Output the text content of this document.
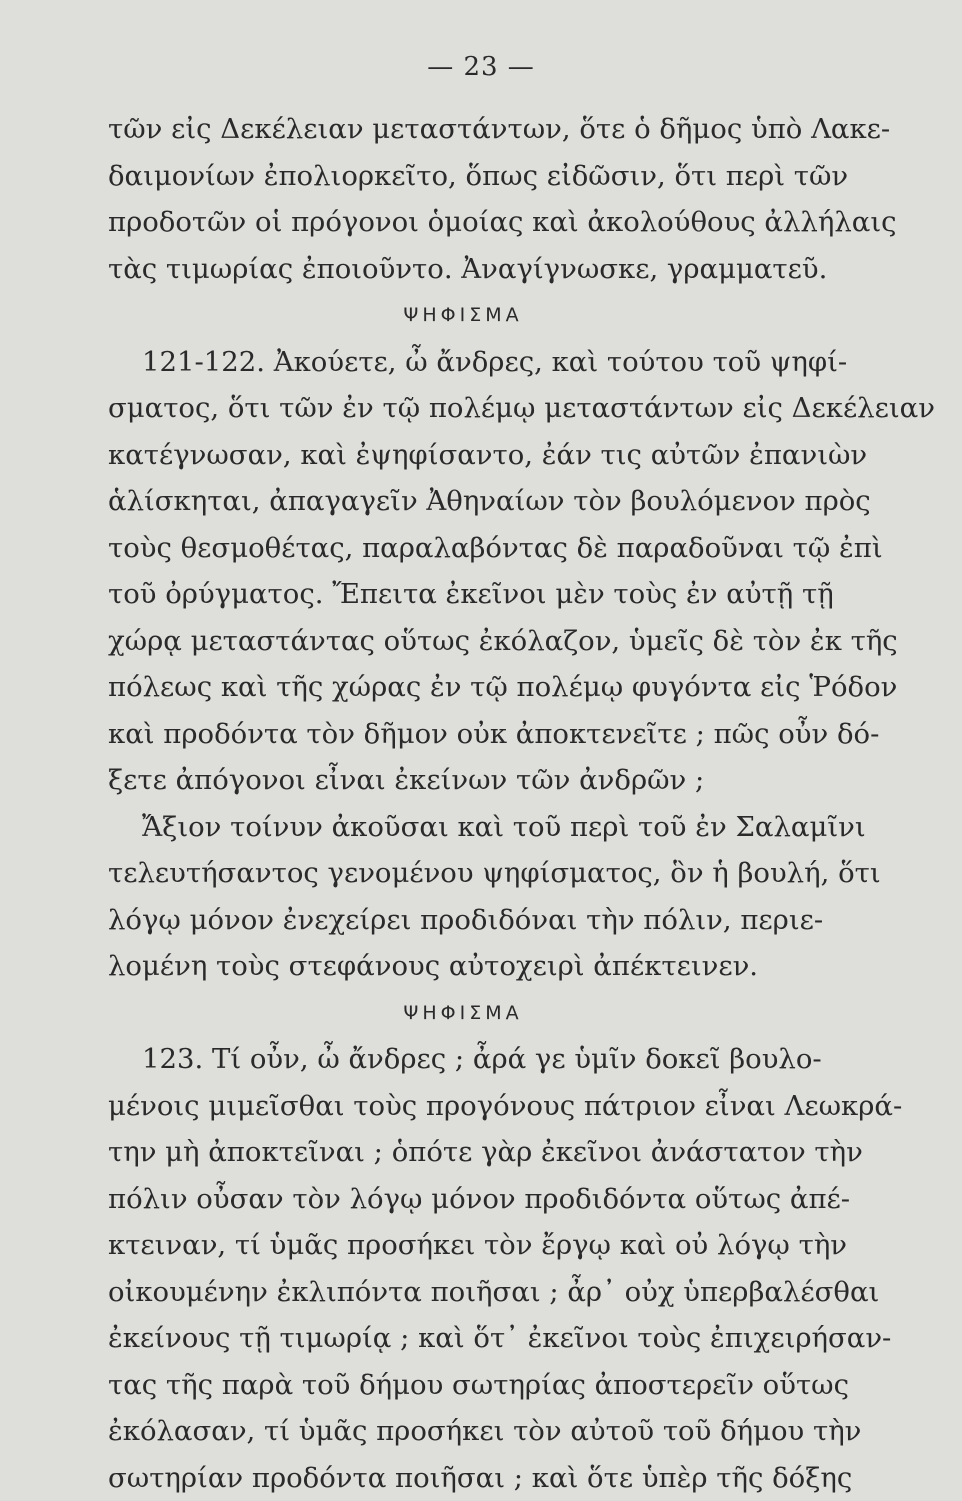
— 23 —
τῶν εἰς Δεκέλειαν μεταστάντων, ὅτε ὁ δῆμος ὑπὸ Λακε-
δαιμονίων ἐπολιορκεῖτο, ὅπως εἰδῶσιν, ὅτι περὶ τῶν
προδοτῶν οἱ πρόγονοι ὁμοίας καὶ ἀκολούθους ἀλλήλαις
τὰς τιμωρίας ἐποιοῦντο. Ἀναγίγνωσκε, γραμματεῦ.
ΨΗΦΙΣΜΑ
121-122. Ἀκούετε, ὦ ἄνδρες, καὶ τούτου τοῦ ψηφί-
σματος, ὅτι τῶν ἐν τῷ πολέμῳ μεταστάντων εἰς Δεκέλειαν
κατέγνωσαν, καὶ ἐψηφίσαντο, ἐάν τις αὐτῶν ἐπανιὼν
ἁλίσκηται, ἀπαγαγεῖν Ἀθηναίων τὸν βουλόμενον πρὸς
τοὺς θεσμοθέτας, παραλαβόντας δὲ παραδοῦναι τῷ ἐπὶ
τοῦ ὀρύγματος. Ἔπειτα ἐκεῖνοι μὲν τοὺς ἐν αὐτῇ τῇ
χώρᾳ μεταστάντας οὕτως ἐκόλαζον, ὑμεῖς δὲ τὸν ἐκ τῆς
πόλεως καὶ τῆς χώρας ἐν τῷ πολέμῳ φυγόντα εἰς Ῥόδον
καὶ προδόντα τὸν δῆμον οὐκ ἀποκτενεῖτε ; πῶς οὖν δό-
ξετε ἀπόγονοι εἶναι ἐκείνων τῶν ἀνδρῶν ;
Ἄξιον τοίνυν ἀκοῦσαι καὶ τοῦ περὶ τοῦ ἐν Σαλαμῖνι
τελευτήσαντος γενομένου ψηφίσματος, ὃν ἡ βουλή, ὅτι
λόγῳ μόνον ἐνεχείρει προδιδόναι τὴν πόλιν, περιε-
λομένη τοὺς στεφάνους αὐτοχειρὶ ἀπέκτεινεν.
ΨΗΦΙΣΜΑ
123. Τί οὖν, ὦ ἄνδρες ; ἆρά γε ὑμῖν δοκεῖ βουλο-
μένοις μιμεῖσθαι τοὺς προγόνους πάτριον εἶναι Λεωκρά-
την μὴ ἀποκτεῖναι ; ὁπότε γὰρ ἐκεῖνοι ἀνάστατον τὴν
πόλιν οὖσαν τὸν λόγῳ μόνον προδιδόντα οὕτως ἀπέ-
κτειναν, τί ὑμᾶς προσήκει τὸν ἔργῳ καὶ οὐ λόγῳ τὴν
οἰκουμένην ἐκλιπόντα ποιῆσαι ; ἆρ᾽ οὐχ ὑπερβαλέσθαι
ἐκείνους τῇ τιμωρίᾳ ; καὶ ὅτ᾽ ἐκεῖνοι τοὺς ἐπιχειρήσαν-
τας τῆς παρὰ τοῦ δήμου σωτηρίας ἀποστερεῖν οὕτως
ἐκόλασαν, τί ὑμᾶς προσήκει τὸν αὐτοῦ τοῦ δήμου τὴν
σωτηρίαν προδόντα ποιῆσαι ; καὶ ὅτε ὑπὲρ τῆς δόξης
